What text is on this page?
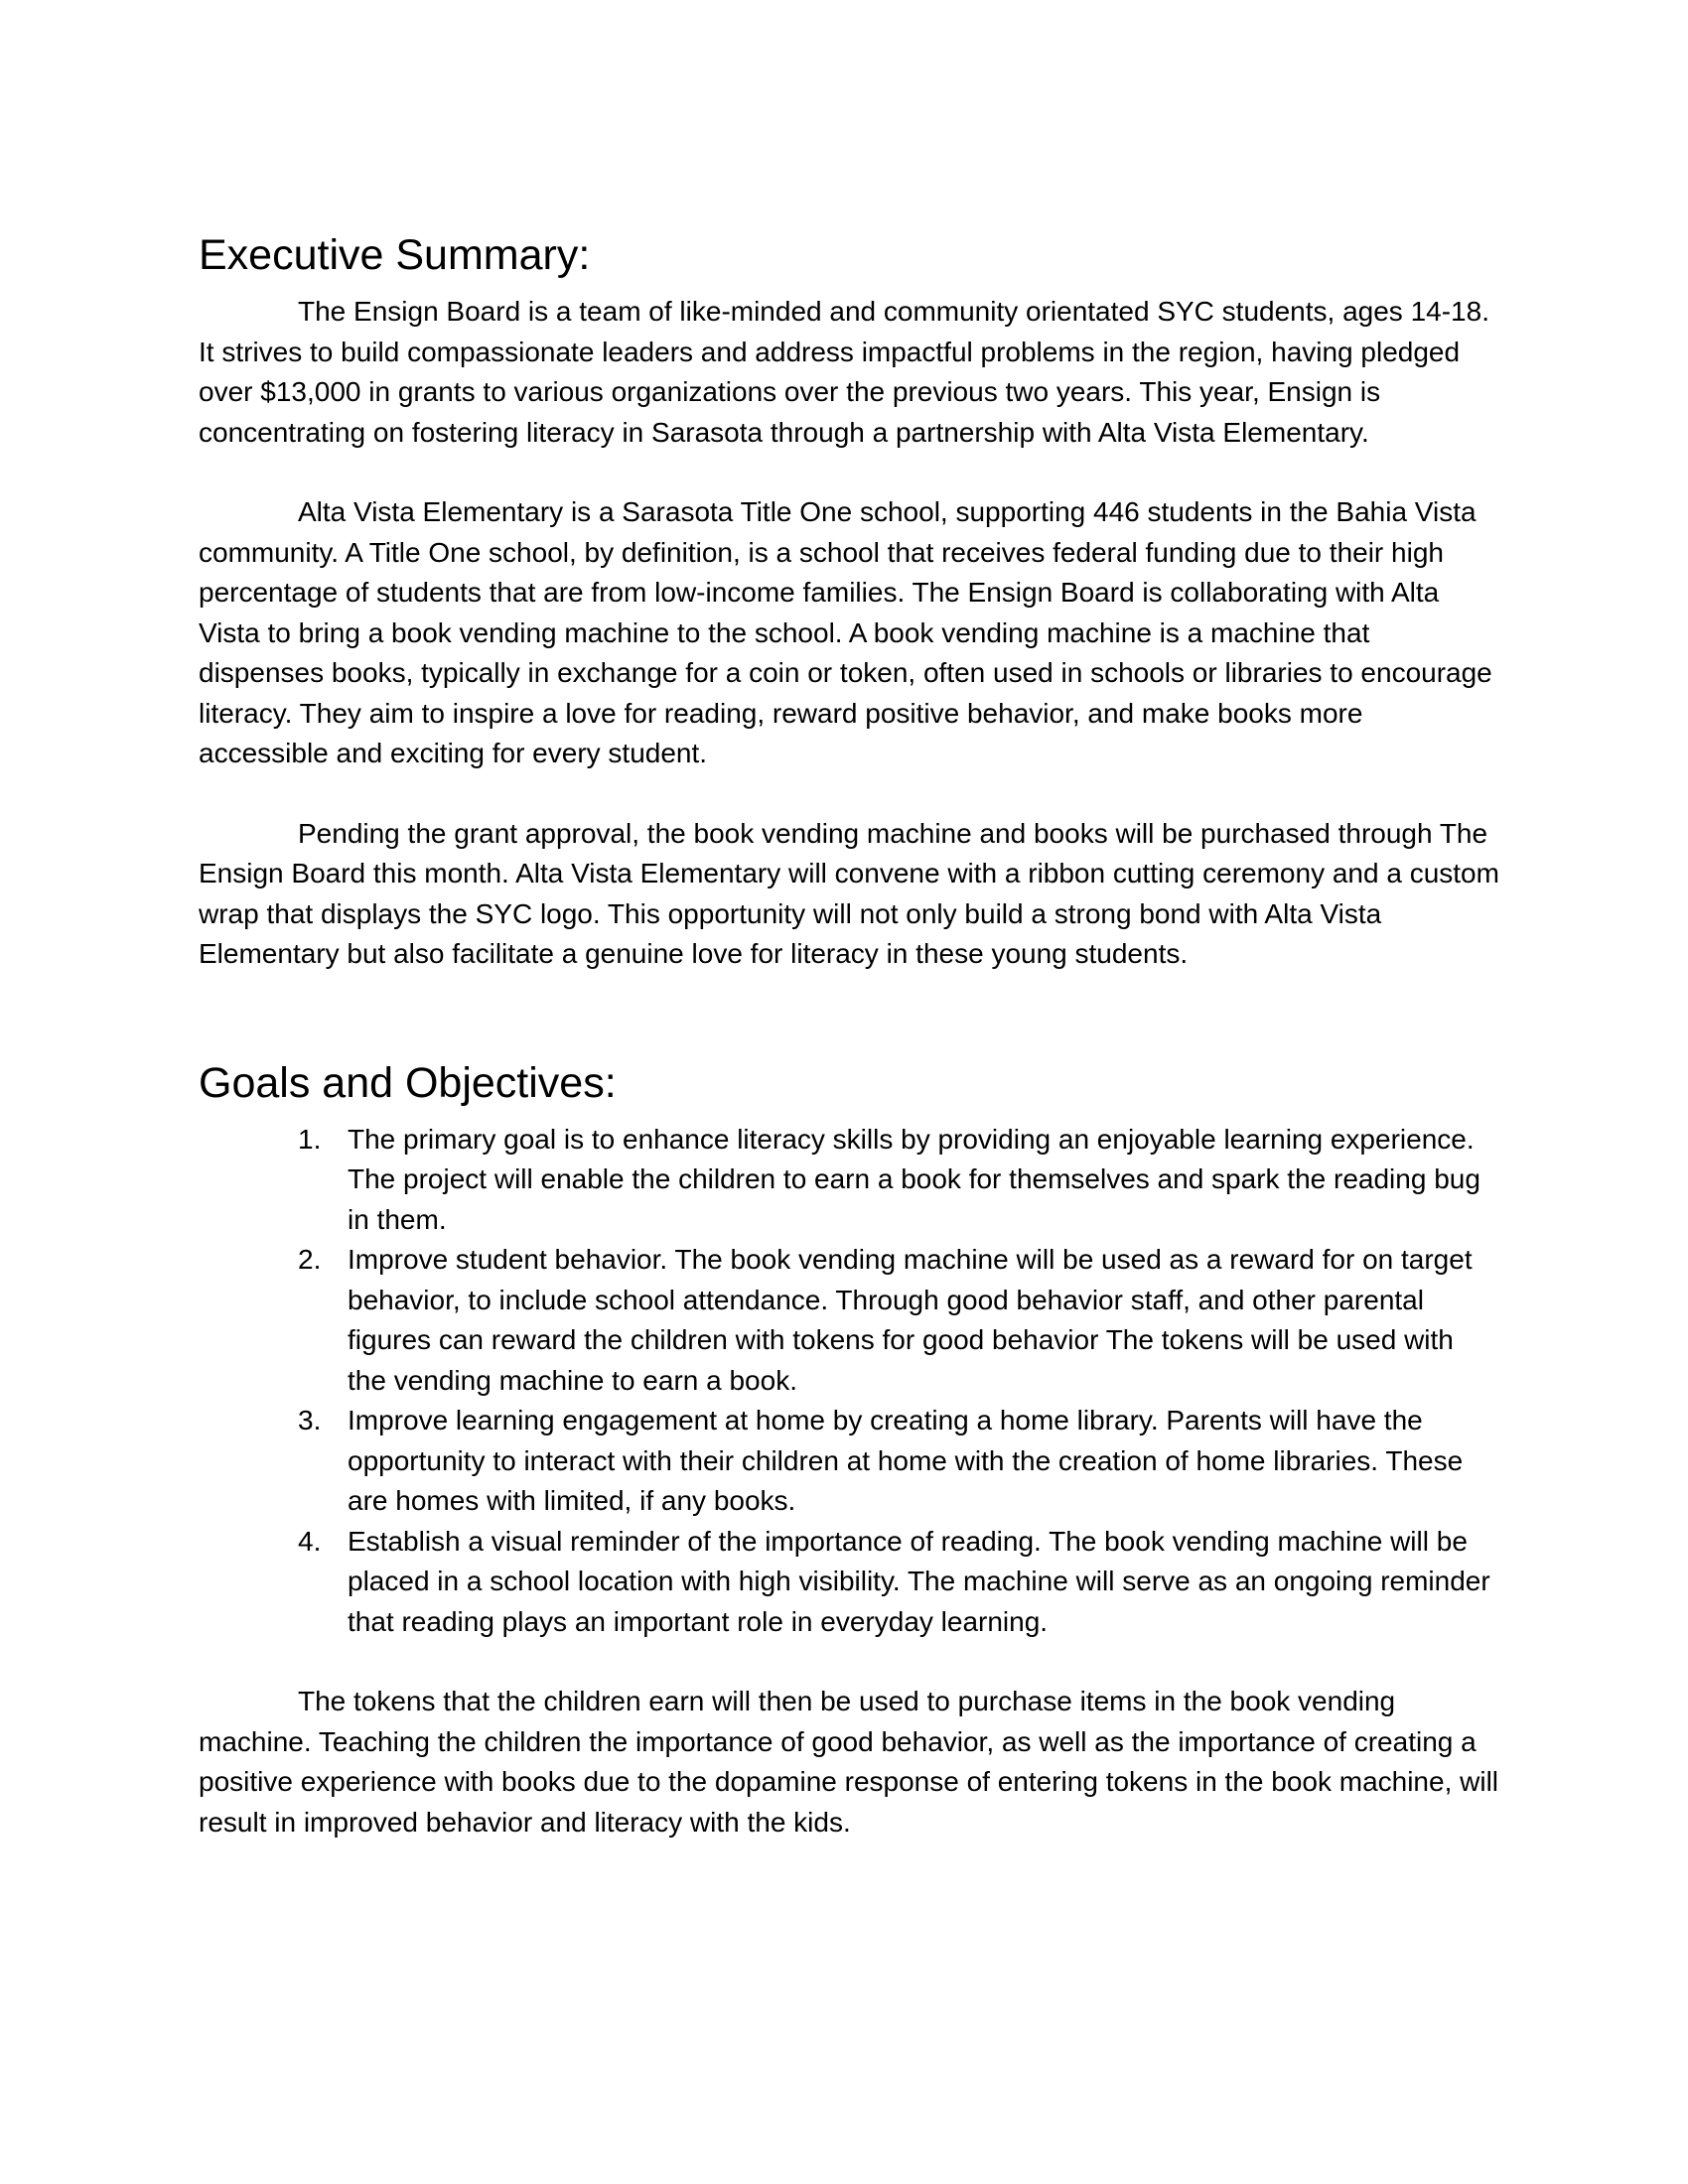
Executive Summary:

The Ensign Board is a team of like-minded and community orientated SYC students, ages 14-18. It strives to build compassionate leaders and address impactful problems in the region, having pledged over $13,000 in grants to various organizations over the previous two years. This year, Ensign is concentrating on fostering literacy in Sarasota through a partnership with Alta Vista Elementary.

Alta Vista Elementary is a Sarasota Title One school, supporting 446 students in the Bahia Vista community. A Title One school, by definition, is a school that receives federal funding due to their high percentage of students that are from low-income families. The Ensign Board is collaborating with Alta Vista to bring a book vending machine to the school. A book vending machine is a machine that dispenses books, typically in exchange for a coin or token, often used in schools or libraries to encourage literacy. They aim to inspire a love for reading, reward positive behavior, and make books more accessible and exciting for every student.

Pending the grant approval, the book vending machine and books will be purchased through The Ensign Board this month. Alta Vista Elementary will convene with a ribbon cutting ceremony and a custom wrap that displays the SYC logo. This opportunity will not only build a strong bond with Alta Vista Elementary but also facilitate a genuine love for literacy in these young students.

Goals and Objectives:
1. The primary goal is to enhance literacy skills by providing an enjoyable learning experience. The project will enable the children to earn a book for themselves and spark the reading bug in them.
2. Improve student behavior. The book vending machine will be used as a reward for on target behavior, to include school attendance. Through good behavior staff, and other parental figures can reward the children with tokens for good behavior The tokens will be used with the vending machine to earn a book.
3. Improve learning engagement at home by creating a home library. Parents will have the opportunity to interact with their children at home with the creation of home libraries. These are homes with limited, if any books.
4. Establish a visual reminder of the importance of reading. The book vending machine will be placed in a school location with high visibility. The machine will serve as an ongoing reminder that reading plays an important role in everyday learning.

The tokens that the children earn will then be used to purchase items in the book vending machine. Teaching the children the importance of good behavior, as well as the importance of creating a positive experience with books due to the dopamine response of entering tokens in the book machine, will result in improved behavior and literacy with the kids.
